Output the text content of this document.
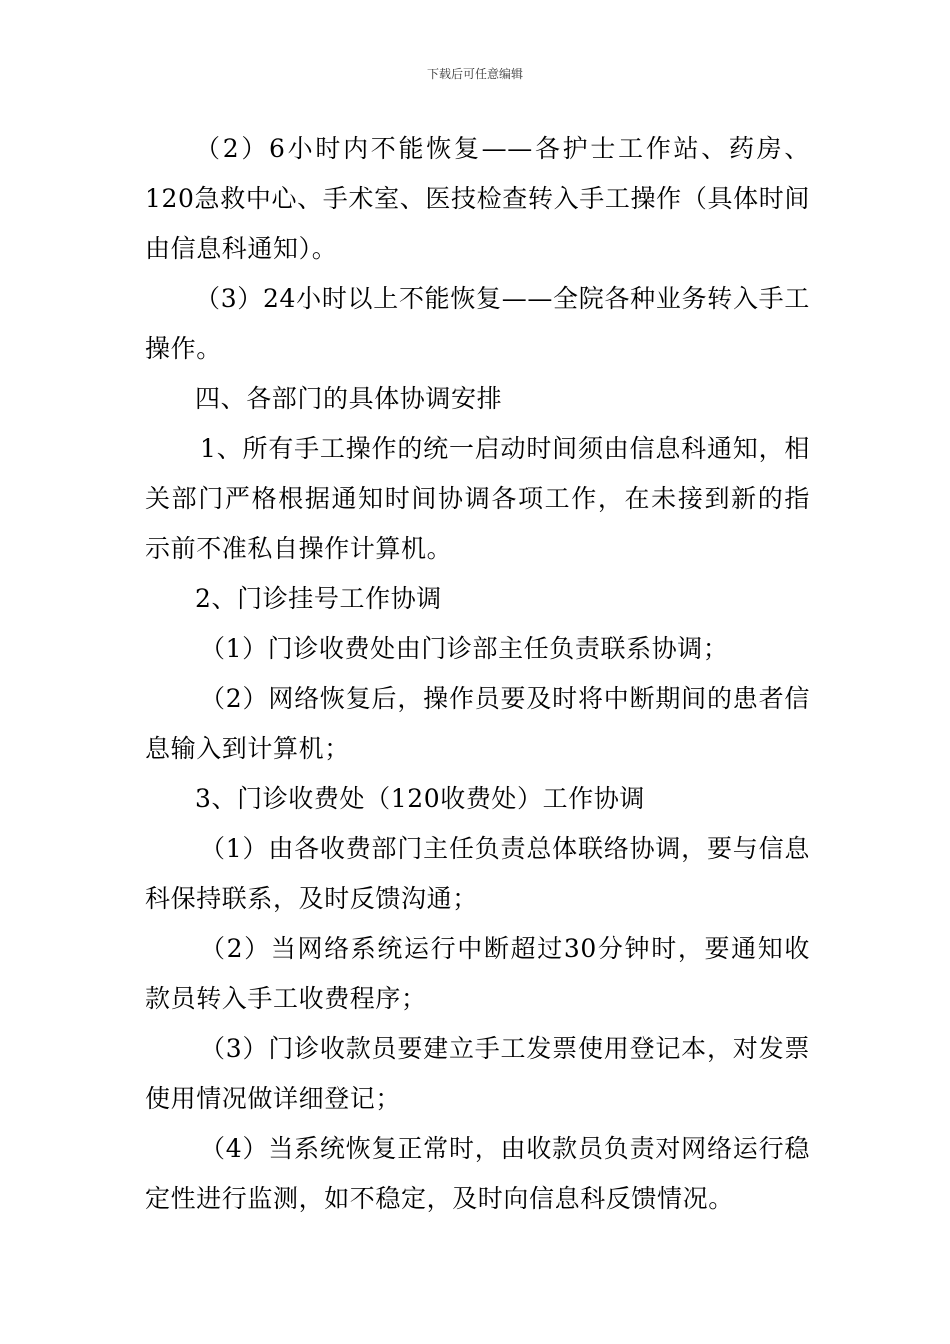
下载后可任意编辑

（2）6小时内不能恢复——各护士工作站、药房、120急救中心、手术室、医技检查转入手工操作（具体时间由信息科通知）。

（3）24小时以上不能恢复——全院各种业务转入手工操作。

四、各部门的具体协调安排

1、所有手工操作的统一启动时间须由信息科通知，相关部门严格根据通知时间协调各项工作，在未接到新的指示前不准私自操作计算机。

2、门诊挂号工作协调

（1）门诊收费处由门诊部主任负责联系协调；

（2）网络恢复后，操作员要及时将中断期间的患者信息输入到计算机；

3、门诊收费处（120收费处）工作协调

（1）由各收费部门主任负责总体联络协调，要与信息科保持联系，及时反馈沟通；

（2）当网络系统运行中断超过30分钟时，要通知收款员转入手工收费程序；

（3）门诊收款员要建立手工发票使用登记本，对发票使用情况做详细登记；

（4）当系统恢复正常时，由收款员负责对网络运行稳定性进行监测，如不稳定，及时向信息科反馈情况。
